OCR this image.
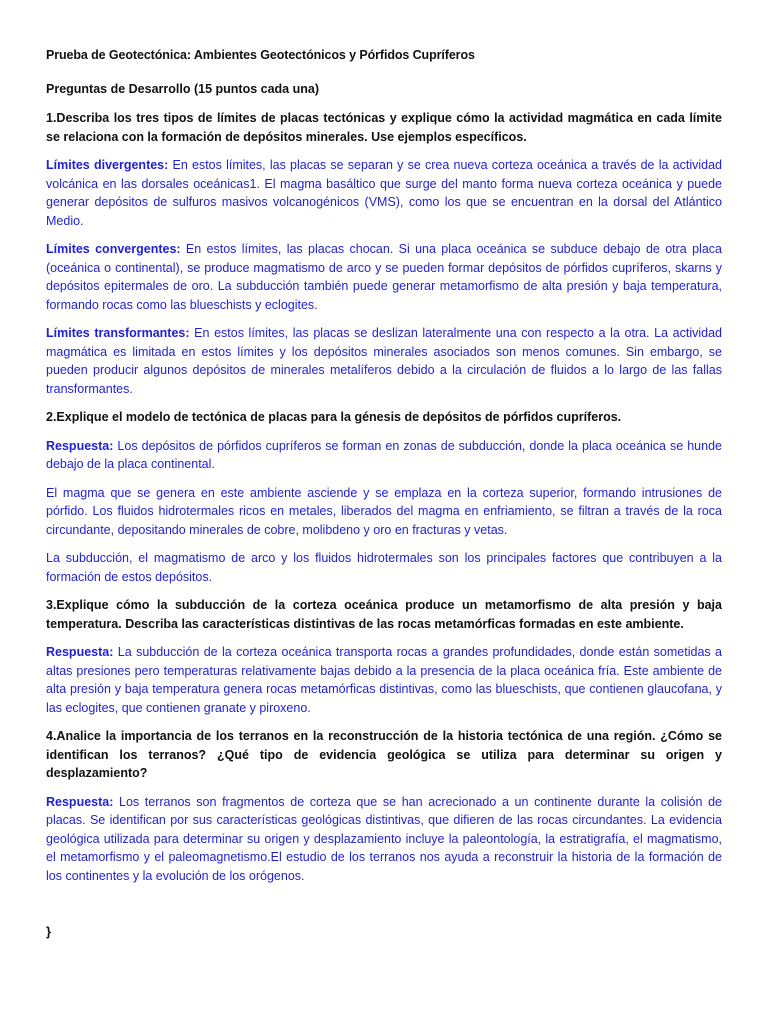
Prueba de Geotectónica: Ambientes Geotectónicos y Pórfidos Cupríferos
Preguntas de Desarrollo (15 puntos cada una)
1.Describa los tres tipos de límites de placas tectónicas y explique cómo la actividad magmática en cada límite se relaciona con la formación de depósitos minerales. Use ejemplos específicos.
Límites divergentes: En estos límites, las placas se separan y se crea nueva corteza oceánica a través de la actividad volcánica en las dorsales oceánicas1. El magma basáltico que surge del manto forma nueva corteza oceánica y puede generar depósitos de sulfuros masivos volcanogénicos (VMS), como los que se encuentran en la dorsal del Atlántico Medio.
Límites convergentes: En estos límites, las placas chocan. Si una placa oceánica se subduce debajo de otra placa (oceánica o continental), se produce magmatismo de arco y se pueden formar depósitos de pórfidos cupríferos, skarns y depósitos epitermales de oro. La subducción también puede generar metamorfismo de alta presión y baja temperatura, formando rocas como las blueschists y eclogites.
Límites transformantes: En estos límites, las placas se deslizan lateralmente una con respecto a la otra. La actividad magmática es limitada en estos límites y los depósitos minerales asociados son menos comunes. Sin embargo, se pueden producir algunos depósitos de minerales metalíferos debido a la circulación de fluidos a lo largo de las fallas transformantes.
2.Explique el modelo de tectónica de placas para la génesis de depósitos de pórfidos cupríferos.
Respuesta: Los depósitos de pórfidos cupríferos se forman en zonas de subducción, donde la placa oceánica se hunde debajo de la placa continental.
El magma que se genera en este ambiente asciende y se emplaza en la corteza superior, formando intrusiones de pórfido. Los fluidos hidrotermales ricos en metales, liberados del magma en enfriamiento, se filtran a través de la roca circundante, depositando minerales de cobre, molibdeno y oro en fracturas y vetas.
La subducción, el magmatismo de arco y los fluidos hidrotermales son los principales factores que contribuyen a la formación de estos depósitos.
3.Explique cómo la subducción de la corteza oceánica produce un metamorfismo de alta presión y baja temperatura. Describa las características distintivas de las rocas metamórficas formadas en este ambiente.
Respuesta: La subducción de la corteza oceánica transporta rocas a grandes profundidades, donde están sometidas a altas presiones pero temperaturas relativamente bajas debido a la presencia de la placa oceánica fría. Este ambiente de alta presión y baja temperatura genera rocas metamórficas distintivas, como las blueschists, que contienen glaucofana, y las eclogites, que contienen granate y piroxeno.
4.Analice la importancia de los terranos en la reconstrucción de la historia tectónica de una región. ¿Cómo se identifican los terranos? ¿Qué tipo de evidencia geológica se utiliza para determinar su origen y desplazamiento?
Respuesta: Los terranos son fragmentos de corteza que se han acrecionado a un continente durante la colisión de placas. Se identifican por sus características geológicas distintivas, que difieren de las rocas circundantes. La evidencia geológica utilizada para determinar su origen y desplazamiento incluye la paleontología, la estratigrafía, el magmatismo, el metamorfismo y el paleomagnetismo.El estudio de los terranos nos ayuda a reconstruir la historia de la formación de los continentes y la evolución de los orógenos.
}
